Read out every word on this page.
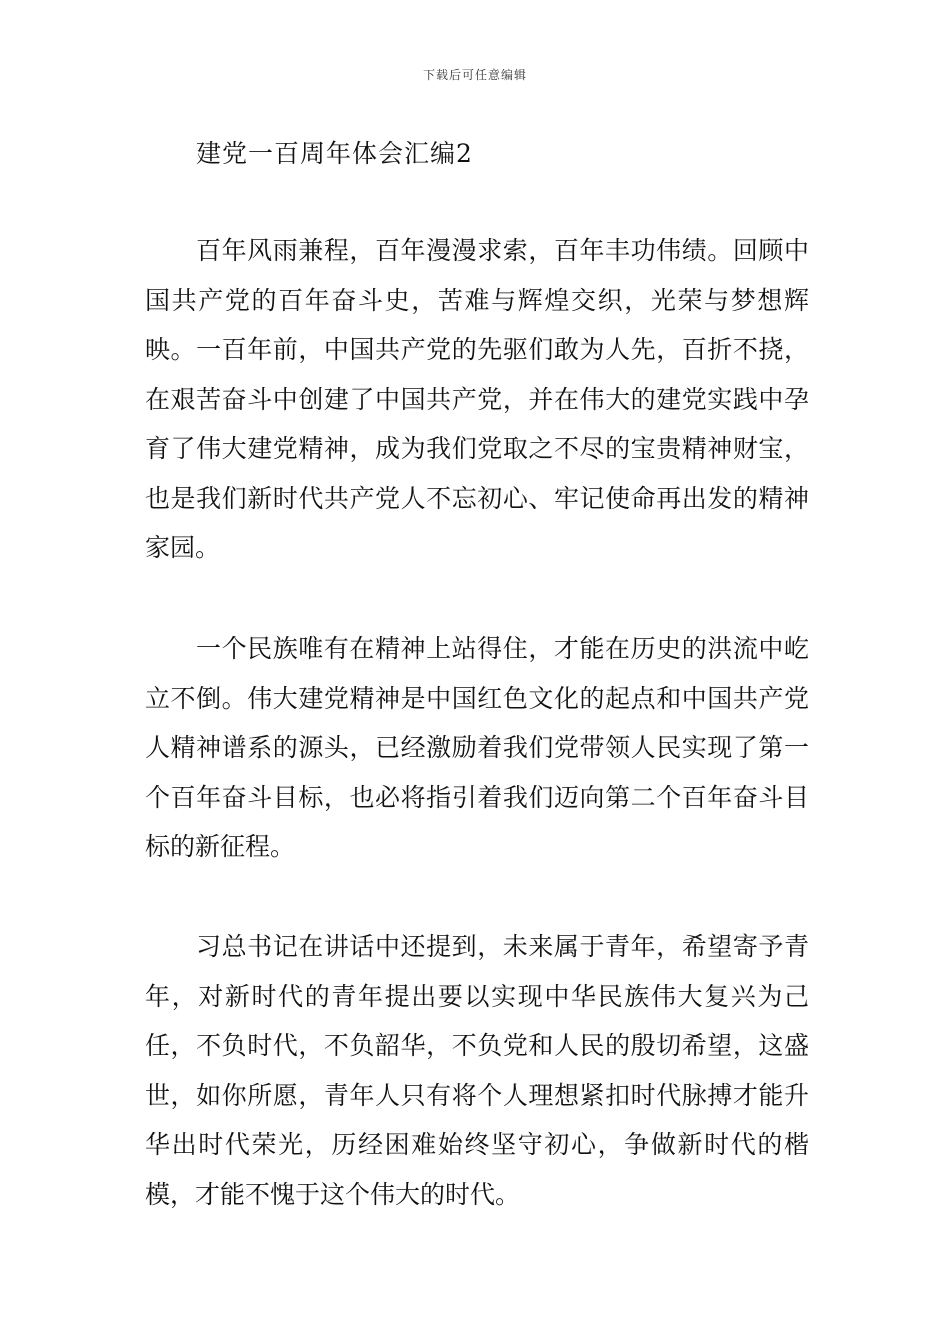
下载后可任意编辑
建党一百周年体会汇编2

百年风雨兼程，百年漫漫求索，百年丰功伟绩。回顾中国共产党的百年奋斗史，苦难与辉煌交织，光荣与梦想辉映。一百年前，中国共产党的先驱们敢为人先，百折不挠，在艰苦奋斗中创建了中国共产党，并在伟大的建党实践中孕育了伟大建党精神，成为我们党取之不尽的宝贵精神财宝，也是我们新时代共产党人不忘初心、牢记使命再出发的精神家园。

一个民族唯有在精神上站得住，才能在历史的洪流中屹立不倒。伟大建党精神是中国红色文化的起点和中国共产党人精神谱系的源头，已经激励着我们党带领人民实现了第一个百年奋斗目标，也必将指引着我们迈向第二个百年奋斗目标的新征程。

习总书记在讲话中还提到，未来属于青年，希望寄予青年，对新时代的青年提出要以实现中华民族伟大复兴为己任，不负时代，不负韶华，不负党和人民的殷切希望，这盛世，如你所愿，青年人只有将个人理想紧扣时代脉搏才能升华出时代荣光，历经困难始终坚守初心，争做新时代的楷模，才能不愧于这个伟大的时代。
